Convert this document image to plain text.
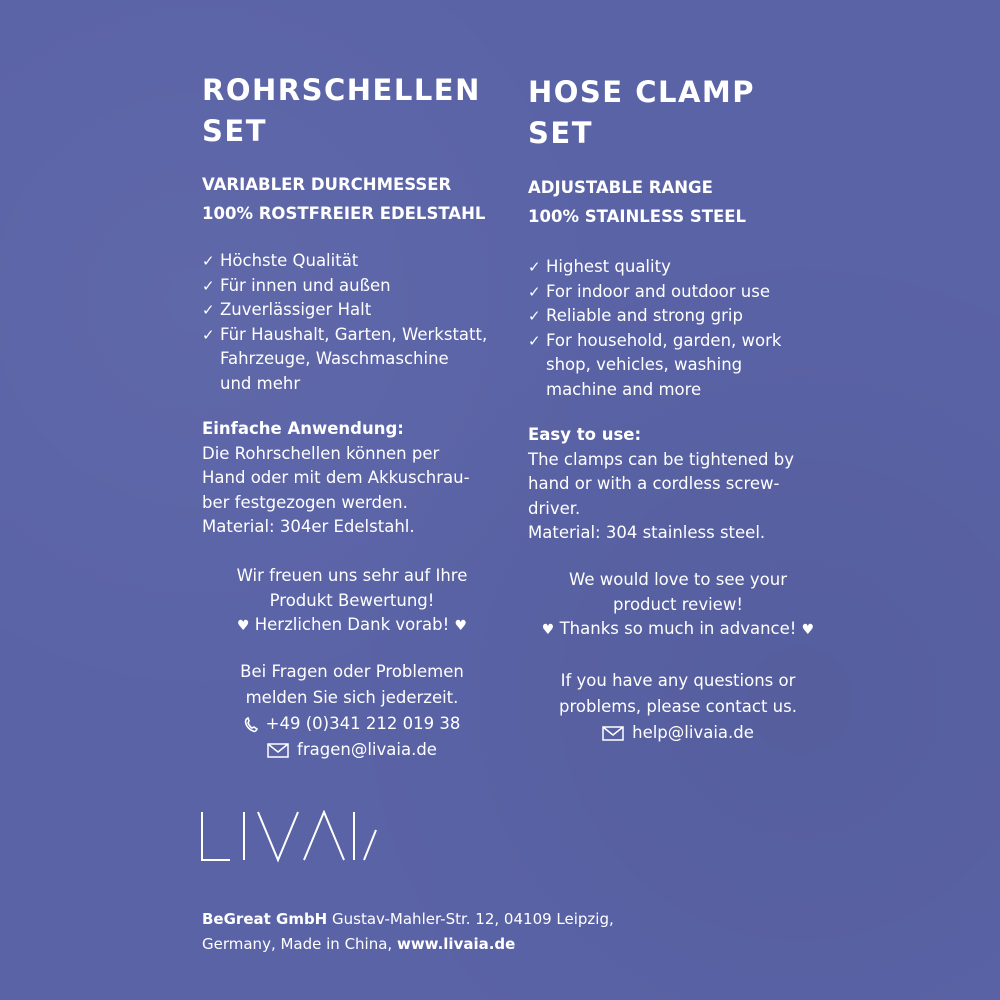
ROHRSCHELLEN
SET
VARIABLER DURCHMESSER
100% ROSTFREIER EDELSTAHL
✓ Höchste Qualität
✓ Für innen und außen
✓ Zuverlässiger Halt
✓ Für Haushalt, Garten, Werkstatt,
Fahrzeuge, Waschmaschine
und mehr
Einfache Anwendung:
Die Rohrschellen können per
Hand oder mit dem Akkuschrau-
ber festgezogen werden.
Material: 304er Edelstahl.
Wir freuen uns sehr auf Ihre
Produkt Bewertung!
♥ Herzlichen Dank vorab! ♥
Bei Fragen oder Problemen
melden Sie sich jederzeit.
+49 (0)341 212 019 38
fragen@livaia.de
HOSE CLAMP SET
ADJUSTABLE RANGE
100% STAINLESS STEEL
✓ Highest quality
✓ For indoor and outdoor use
✓ Reliable and strong grip
✓ For household, garden, work
shop, vehicles, washing
machine and more
Easy to use:
The clamps can be tightened by
hand or with a cordless screw-
driver.
Material: 304 stainless steel.
We would love to see your
product review!
♥ Thanks so much in advance! ♥
If you have any questions or
problems, please contact us.
help@livaia.de
BeGreat GmbH Gustav-Mahler-Str. 12, 04109 Leipzig,
Germany, Made in China, www.livaia.de
